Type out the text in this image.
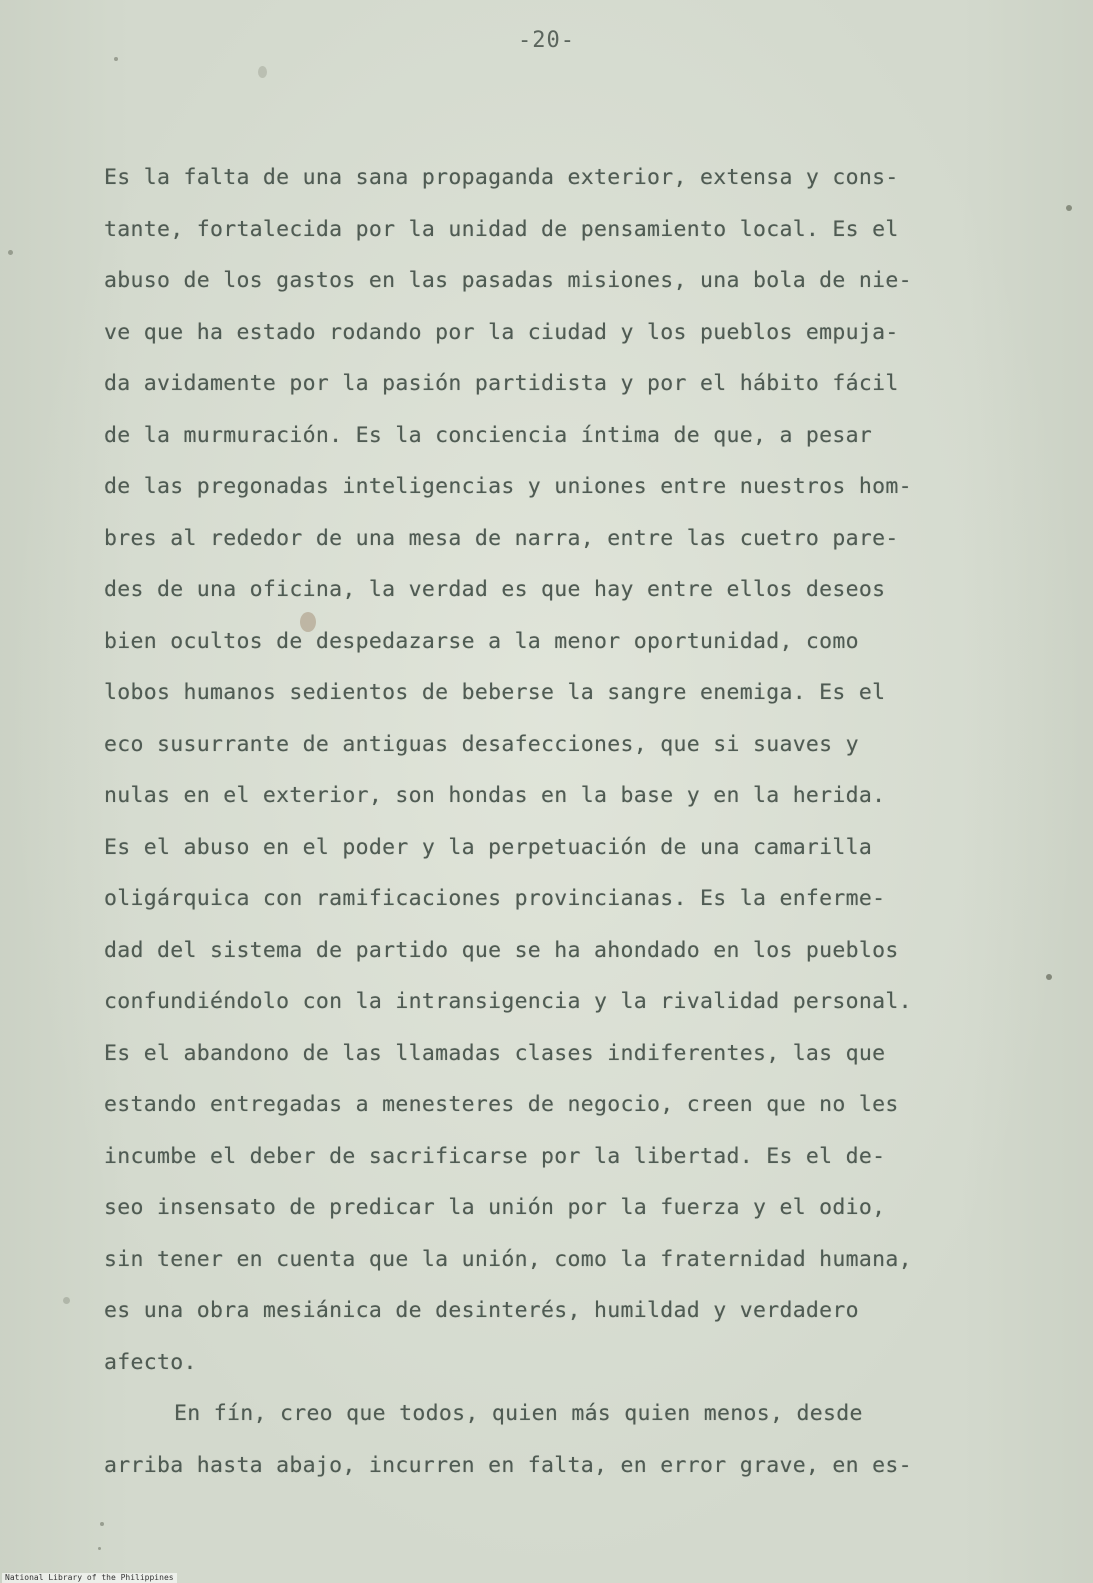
-20-
Es la falta de una sana propaganda exterior, extensa y cons-
tante, fortalecida por la unidad de pensamiento local. Es el
abuso de los gastos en las pasadas misiones, una bola de nie-
ve que ha estado rodando por la ciudad y los pueblos empuja-
da avidamente por la pasión partidista y por el hábito fácil
de la murmuración. Es la conciencia íntima de que, a pesar
de las pregonadas inteligencias y uniones entre nuestros hom-
bres al rededor de una mesa de narra, entre las cuetro pare-
des de una oficina, la verdad es que hay entre ellos deseos
bien ocultos de despedazarse a la menor oportunidad, como
lobos humanos sedientos de beberse la sangre enemiga. Es el
eco susurrante de antiguas desafecciones, que si suaves y
nulas en el exterior, son hondas en la base y en la herida.
Es el abuso en el poder y la perpetuación de una camarilla
oligárquica con ramificaciones provincianas. Es la enferme-
dad del sistema de partido que se ha ahondado en los pueblos
confundiéndolo con la intransigencia y la rivalidad personal.
Es el abandono de las llamadas clases indiferentes, las que
estando entregadas a menesteres de negocio, creen que no les
incumbe el deber de sacrificarse por la libertad. Es el de-
seo insensato de predicar la unión por la fuerza y el odio,
sin tener en cuenta que la unión, como la fraternidad humana,
es una obra mesiánica de desinterés, humildad y verdadero
afecto.
En fín, creo que todos, quien más quien menos, desde
arriba hasta abajo, incurren en falta, en error grave, en es-
National Library of the Philippines
